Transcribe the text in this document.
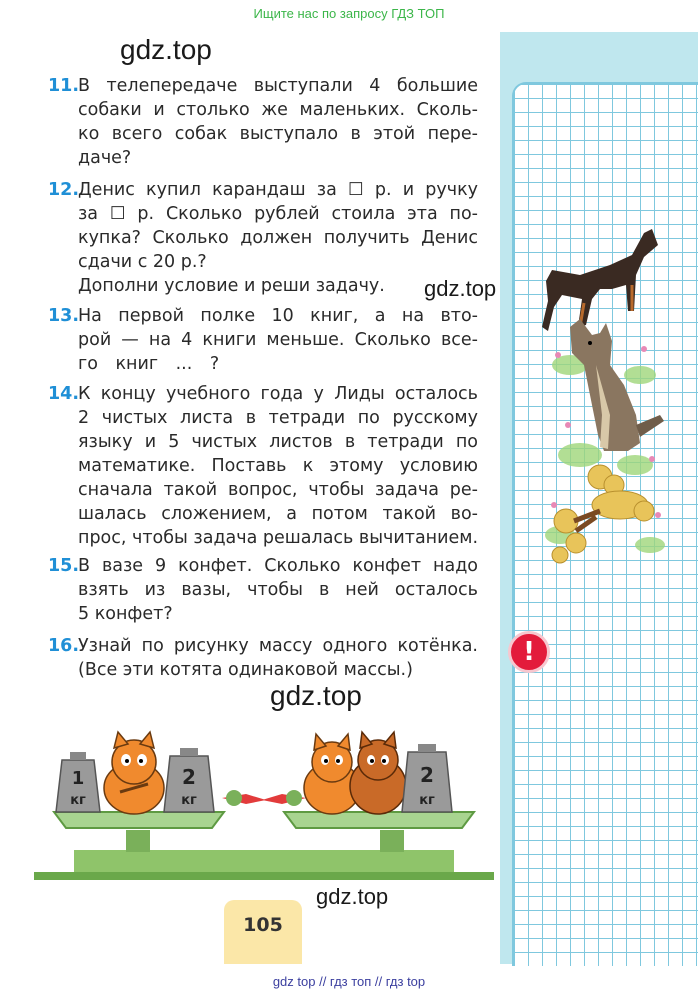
Ищите нас по запросу ГДЗ ТОП
gdz.top
gdz.top
gdz.top
gdz.top
11.
В телепередаче выступали 4 большие
собаки и столько же маленьких. Сколь-
ко всего собак выступало в этой пере-
даче?
12.
Денис купил карандаш за ☐ р. и ручку
за ☐ р. Сколько рублей стоила эта по-
купка? Сколько должен получить Денис
сдачи с 20 р.?
Дополни условие и реши задачу.
13.
На первой полке 10 книг, а на вто-
рой — на 4 книги меньше. Сколько все-
го книг ... ?
14.
К концу учебного года у Лиды осталось
2 чистых листа в тетради по русскому
языку и 5 чистых листов в тетради по
математике. Поставь к этому условию
сначала такой вопрос, чтобы задача ре-
шалась сложением, а потом такой во-
прос, чтобы задача решалась вычитанием.
15.
В вазе 9 конфет. Сколько конфет надо
взять из вазы, чтобы в ней осталось
5 конфет?
16.
Узнай по рисунку массу одного котёнка.
(Все эти котята одинаковой массы.)
!
1
кг
2
кг
2
кг
105
gdz top // гдз топ // гдз top
